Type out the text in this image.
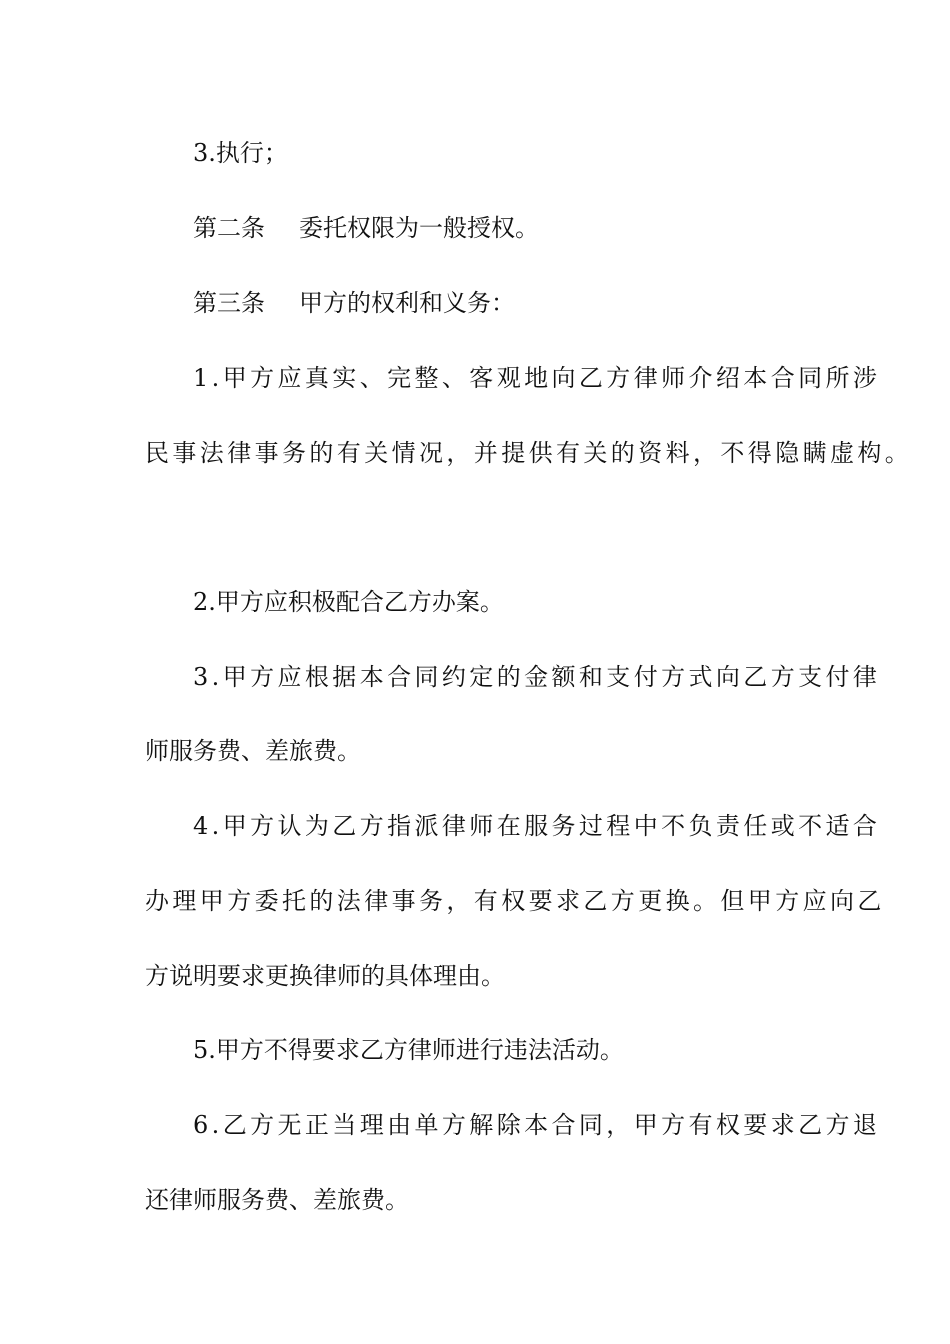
3.执行；
第二条 委托权限为一般授权。
第三条 甲方的权利和义务：
1.甲方应真实、完整、客观地向乙方律师介绍本合同所涉
民事法律事务的有关情况，并提供有关的资料，不得隐瞒虚构。
2.甲方应积极配合乙方办案。
3.甲方应根据本合同约定的金额和支付方式向乙方支付律
师服务费、差旅费。
4.甲方认为乙方指派律师在服务过程中不负责任或不适合
办理甲方委托的法律事务，有权要求乙方更换。但甲方应向乙
方说明要求更换律师的具体理由。
5.甲方不得要求乙方律师进行违法活动。
6.乙方无正当理由单方解除本合同，甲方有权要求乙方退
还律师服务费、差旅费。
